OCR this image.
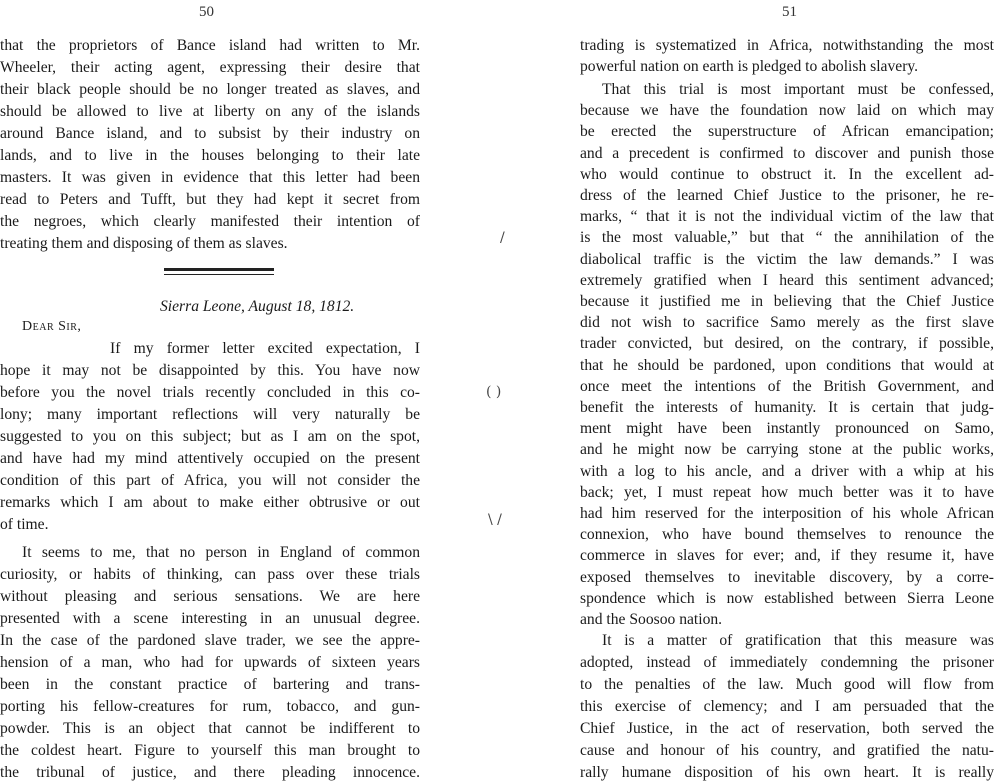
50
that the proprietors of Bance island had written to Mr.
Wheeler, their acting agent, expressing their desire that
their black people should be no longer treated as slaves, and
should be allowed to live at liberty on any of the islands
around Bance island, and to subsist by their industry on
lands, and to live in the houses belonging to their late
masters. It was given in evidence that this letter had been
read to Peters and Tufft, but they had kept it secret from
the negroes, which clearly manifested their intention of
treating them and disposing of them as slaves.
Sierra Leone, August 18, 1812.
Dear Sir,
If my former letter excited expectation, I
hope it may not be disappointed by this. You have now
before you the novel trials recently concluded in this co-
lony; many important reflections will very naturally be
suggested to you on this subject; but as I am on the spot,
and have had my mind attentively occupied on the present
condition of this part of Africa, you will not consider the
remarks which I am about to make either obtrusive or out
of time.
It seems to me, that no person in England of common
curiosity, or habits of thinking, can pass over these trials
without pleasing and serious sensations. We are here
presented with a scene interesting in an unusual degree.
In the case of the pardoned slave trader, we see the appre-
hension of a man, who had for upwards of sixteen years
been in the constant practice of bartering and trans-
porting his fellow-creatures for rum, tobacco, and gun-
powder. This is an object that cannot be indifferent to
the coldest heart. Figure to yourself this man brought to
the tribunal of justice, and there pleading innocence.
/
( )
\ /
51
trading is systematized in Africa, notwithstanding the most
powerful nation on earth is pledged to abolish slavery.
That this trial is most important must be confessed,
because we have the foundation now laid on which may
be erected the superstructure of African emancipation;
and a precedent is confirmed to discover and punish those
who would continue to obstruct it. In the excellent ad-
dress of the learned Chief Justice to the prisoner, he re-
marks, “ that it is not the individual victim of the law that
is the most valuable,” but that “ the annihilation of the
diabolical traffic is the victim the law demands.” I was
extremely gratified when I heard this sentiment advanced;
because it justified me in believing that the Chief Justice
did not wish to sacrifice Samo merely as the first slave
trader convicted, but desired, on the contrary, if possible,
that he should be pardoned, upon conditions that would at
once meet the intentions of the British Government, and
benefit the interests of humanity. It is certain that judg-
ment might have been instantly pronounced on Samo,
and he might now be carrying stone at the public works,
with a log to his ancle, and a driver with a whip at his
back; yet, I must repeat how much better was it to have
had him reserved for the interposition of his whole African
connexion, who have bound themselves to renounce the
commerce in slaves for ever; and, if they resume it, have
exposed themselves to inevitable discovery, by a corre-
spondence which is now established between Sierra Leone
and the Soosoo nation.
It is a matter of gratification that this measure was
adopted, instead of immediately condemning the prisoner
to the penalties of the law. Much good will flow from
this exercise of clemency; and I am persuaded that the
Chief Justice, in the act of reservation, both served the
cause and honour of his country, and gratified the natu-
rally humane disposition of his own heart. It is really
